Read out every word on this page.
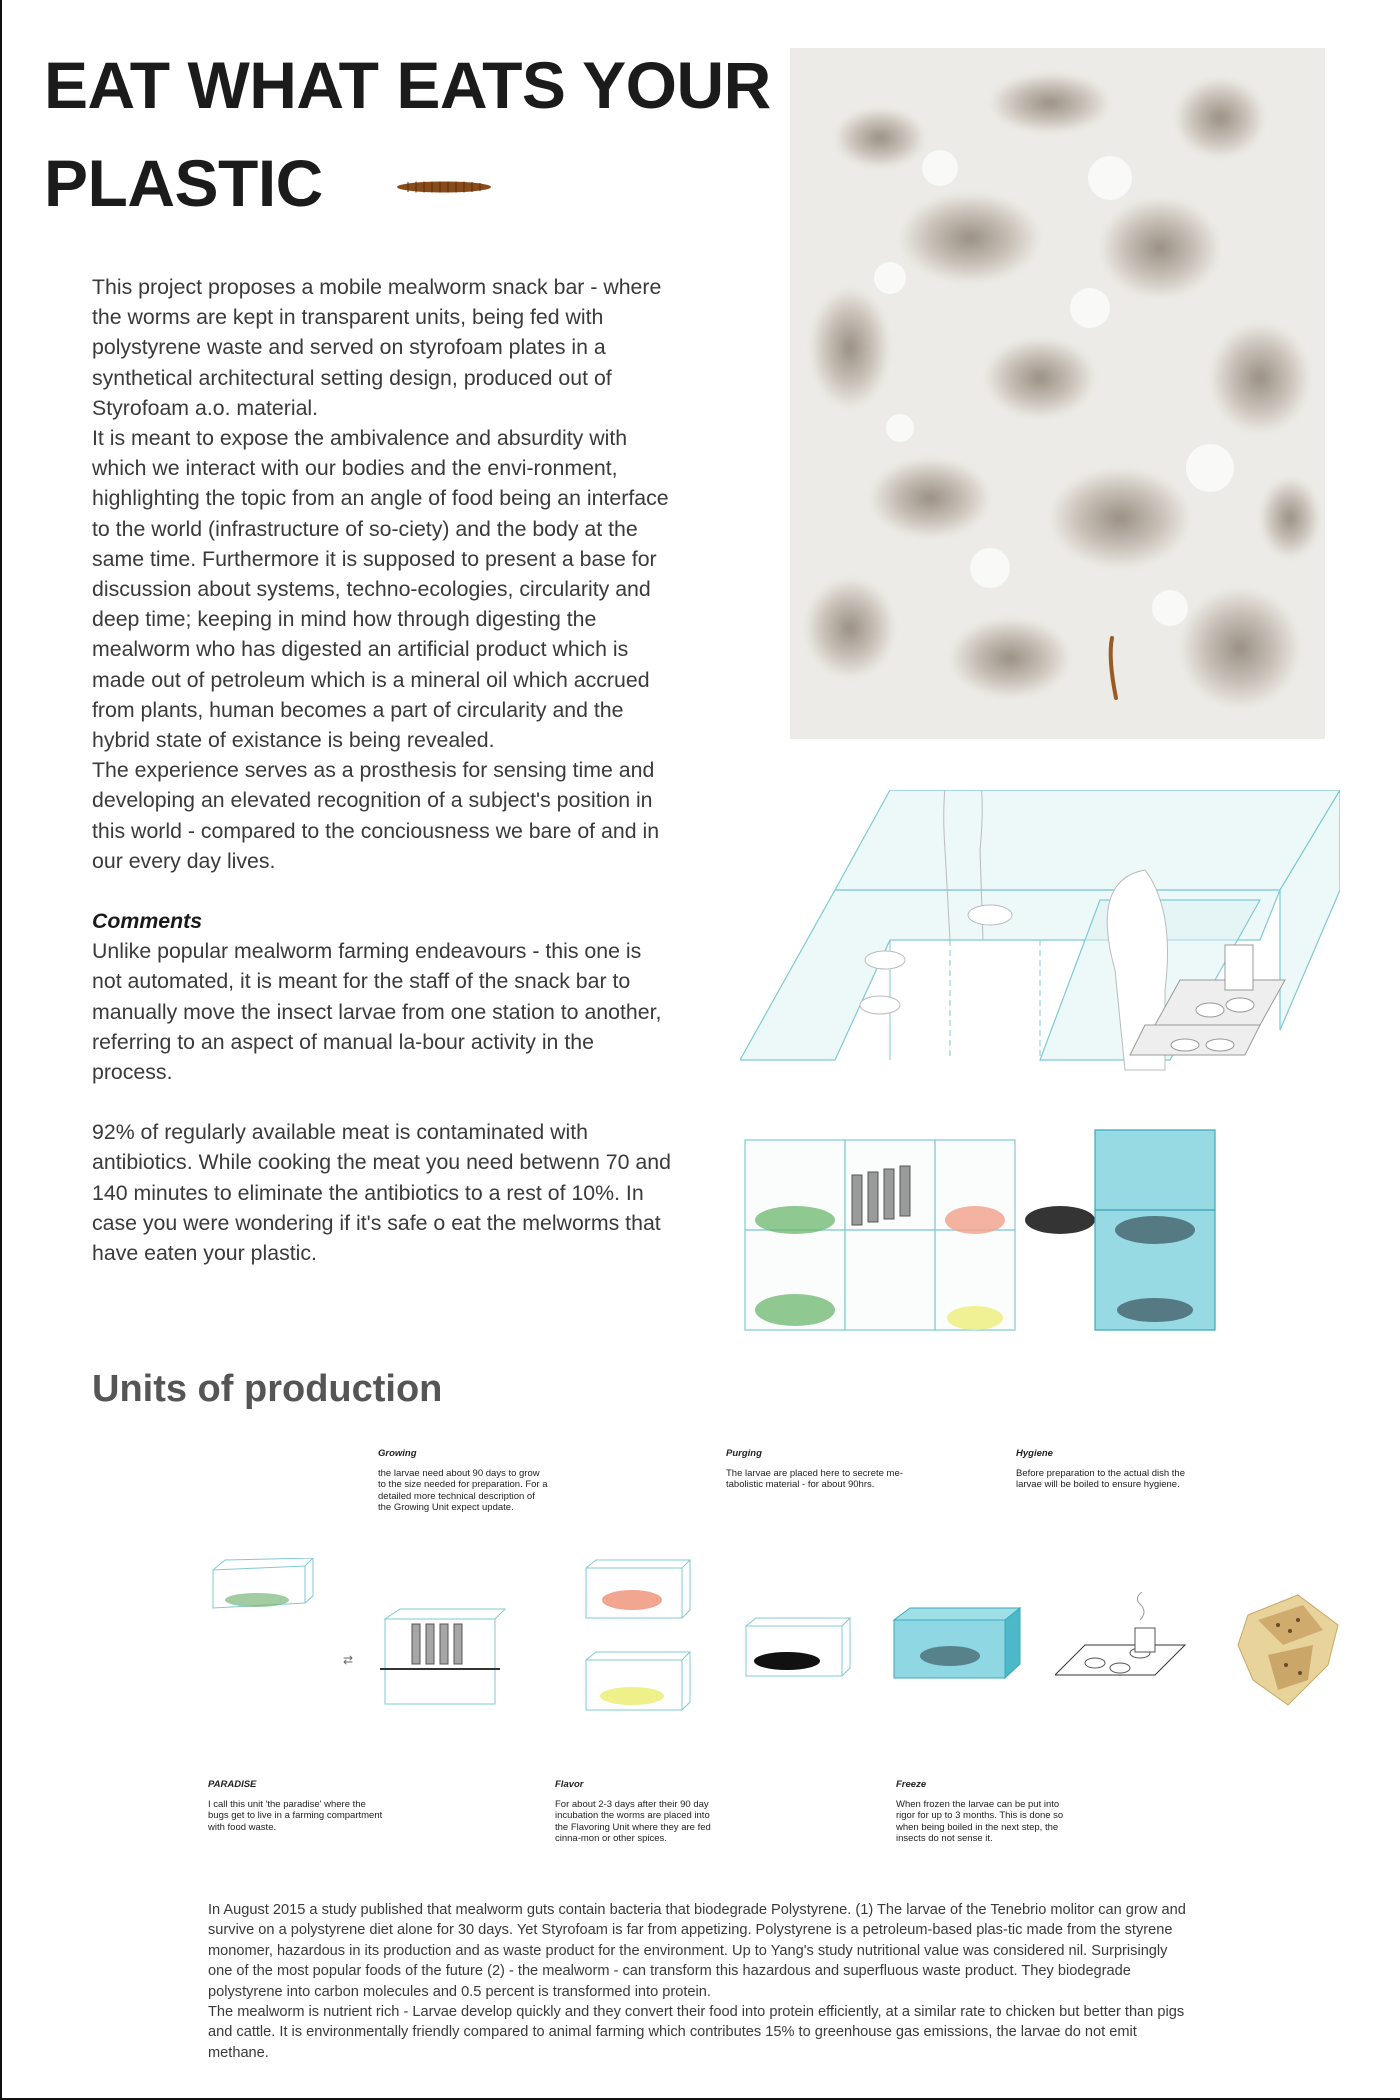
EAT WHAT EATS YOUR
PLASTIC

This project proposes a mobile mealworm snack bar - where the worms are kept in transparent units, being fed with polystyrene waste and served on styrofoam plates in a synthetical architectural setting design, produced out of Styrofoam a.o. material.

It is meant to expose the ambivalence and absurdity with which we interact with our bodies and the envi-ronment, highlighting the topic from an angle of food being an interface to the world (infrastructure of so-ciety) and the body at the same time. Furthermore it is supposed to present a base for discussion about systems, techno-ecologies, circularity and deep time; keeping in mind how through digesting the mealworm who has digested an artificial product which is made out of petroleum which is a mineral oil which accrued from plants, human becomes a part of circularity and the hybrid state of existance is being revealed.

The experience serves as a prosthesis for sensing time and developing an elevated recognition of a subject's position in this world - compared to the conciousness we bare of and in our every day lives.

Comments

Unlike popular mealworm farming endeavours - this one is not automated, it is meant for the staff of the snack bar to manually move the insect larvae from one station to another, referring to an aspect of manual la-bour activity in the process.

92% of regularly available meat is contaminated with antibiotics. While cooking the meat you need betwenn 70 and 140 minutes to eliminate the antibiotics to a rest of 10%. In case you were wondering if it's safe o eat the melworms that have eaten your plastic.

Units of production
Growing
the larvae need about 90 days to grow to the size needed for preparation. For a detailed more technical description of the Growing Unit expect update.
Purging
The larvae are placed here to secrete me-tabolistic material - for about 90hrs.
Hygiene
Before preparation to the actual dish the larvae will be boiled to ensure hygiene.
PARADISE
I call this unit 'the paradise' where the bugs get to live in a farming compartment with food waste.
Flavor
For about 2-3 days after their 90 day incubation the worms are placed into the Flavoring Unit where they are fed cinna-mon or other spices.
Freeze
When frozen the larvae can be put into rigor for up to 3 months. This is done so when being boiled in the next step, the insects do not sense it.
⇄

In August 2015 a study published that mealworm guts contain bacteria that biodegrade Polystyrene. (1) The larvae of the Tenebrio molitor can grow and survive on a polystyrene diet alone for 30 days. Yet Styrofoam is far from appetizing. Polystyrene is a petroleum-based plas-tic made from the styrene monomer, hazardous in its production and as waste product for the environment. Up to Yang's study nutritional value was considered nil. Surprisingly one of the most popular foods of the future (2) - the mealworm - can transform this hazardous and superfluous waste product. They biodegrade polystyrene into carbon molecules and 0.5 percent is transformed into protein.

The mealworm is nutrient rich - Larvae develop quickly and they convert their food into protein efficiently, at a similar rate to chicken but better than pigs and cattle. It is environmentally friendly compared to animal farming which contributes 15% to greenhouse gas emissions, the larvae do not emit methane.
